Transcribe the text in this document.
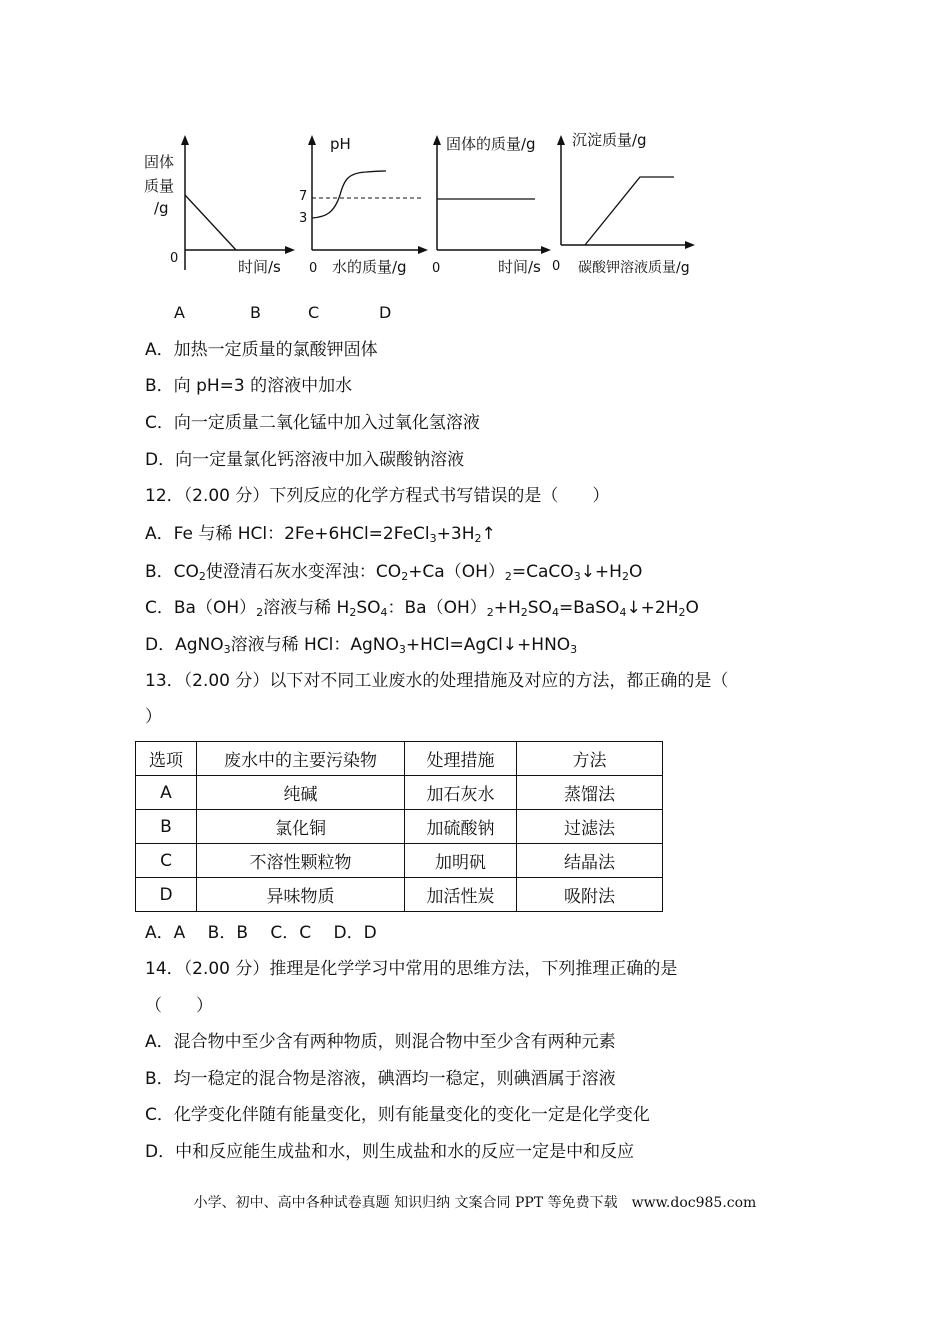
固体
质量
/g
0	时间/s
pH
7
3
0 水的质量/g
固体的质量/g
0	时间/s
沉淀质量/g
0 碳酸钾溶液质量/g
A	B	C	D
A．加热一定质量的氯酸钾固体
B．向 pH=3 的溶液中加水
C．向一定质量二氧化锰中加入过氧化氢溶液
D．向一定量氯化钙溶液中加入碳酸钠溶液
12．（2.00 分）下列反应的化学方程式书写错误的是（　　）
A．Fe 与稀 HCl：$2Fe+6HCl=2FeCl_3+3H_2↑$
B．$CO_2$使澄清石灰水变浑浊：$CO_2+Ca(OH)_2=CaCO_3↓+H_2O$
C．$Ba(OH)_2$溶液与稀 $H_2SO_4$：$Ba(OH)_2+H_2SO_4=BaSO_4↓+2H_2O$
D．AgNO$_3$溶液与稀 HCl：$AgNO_3+HCl=AgCl↓+HNO_3$
13．（2.00 分）以下对不同工业废水的处理措施及对应的方法，都正确的是（
）
选项	废水中的主要污染物	处理措施	方法
A	纯碱	加石灰水	蒸馏法
B	氯化铜	加硫酸钠	过滤法
C	不溶性颗粒物	加明矾	结晶法
D	异味物质	加活性炭	吸附法
A．A　 B．B　 C．C　 D．D
14．（2.00 分）推理是化学学习中常用的思维方法，下列推理正确的是
（　　）
A．混合物中至少含有两种物质，则混合物中至少含有两种元素
B．均一稳定的混合物是溶液，碘酒均一稳定，则碘酒属于溶液
C．化学变化伴随有能量变化，则有能量变化的变化一定是化学变化
D．中和反应能生成盐和水，则生成盐和水的反应一定是中和反应
小学、初中、高中各种试卷真题 知识归纳 文案合同 PPT 等免费下载　www.doc985.com
